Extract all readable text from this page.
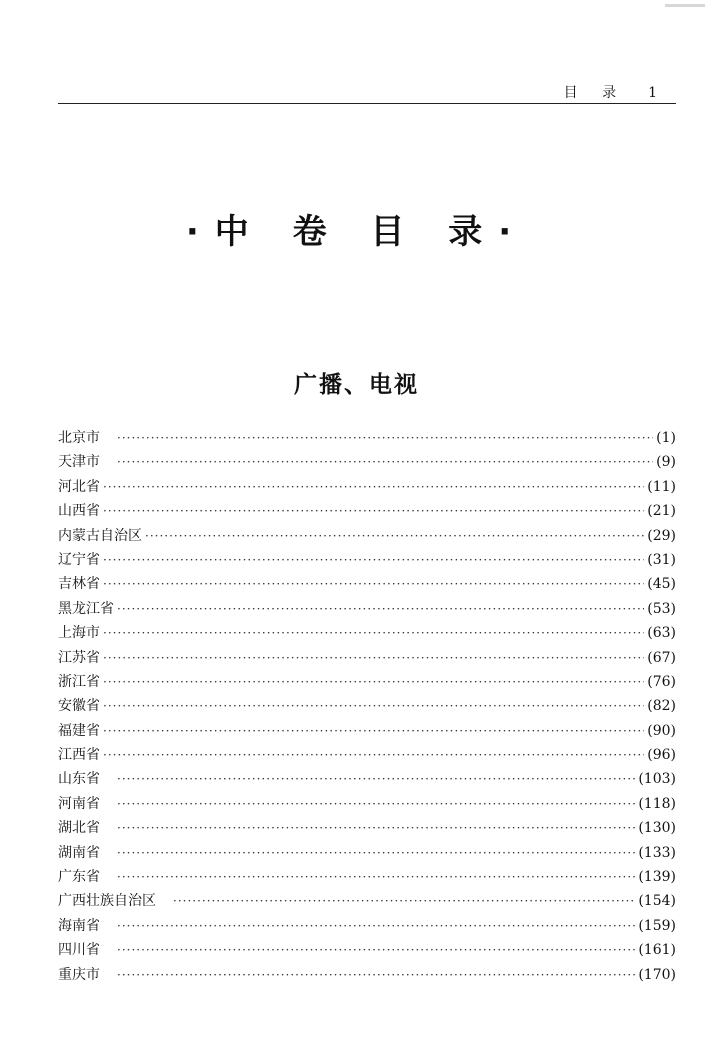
目 录 1
·中 卷 目 录·
广播、电视
北京市 ·····	(1)
天津市 ·····	(9)
河北省 ·····	(11)
山西省 ·····	(21)
内蒙古自治区 ·····	(29)
辽宁省 ·····	(31)
吉林省 ·····	(45)
黑龙江省 ·····	(53)
上海市 ·····	(63)
江苏省 ·····	(67)
浙江省 ·····	(76)
安徽省 ·····	(82)
福建省 ·····	(90)
江西省 ·····	(96)
山东省 ·····	(103)
河南省 ·····	(118)
湖北省 ·····	(130)
湖南省 ·····	(133)
广东省 ·····	(139)
广西壮族自治区 ·····	(154)
海南省 ·····	(159)
四川省 ·····	(161)
重庆市 ·····	(170)
